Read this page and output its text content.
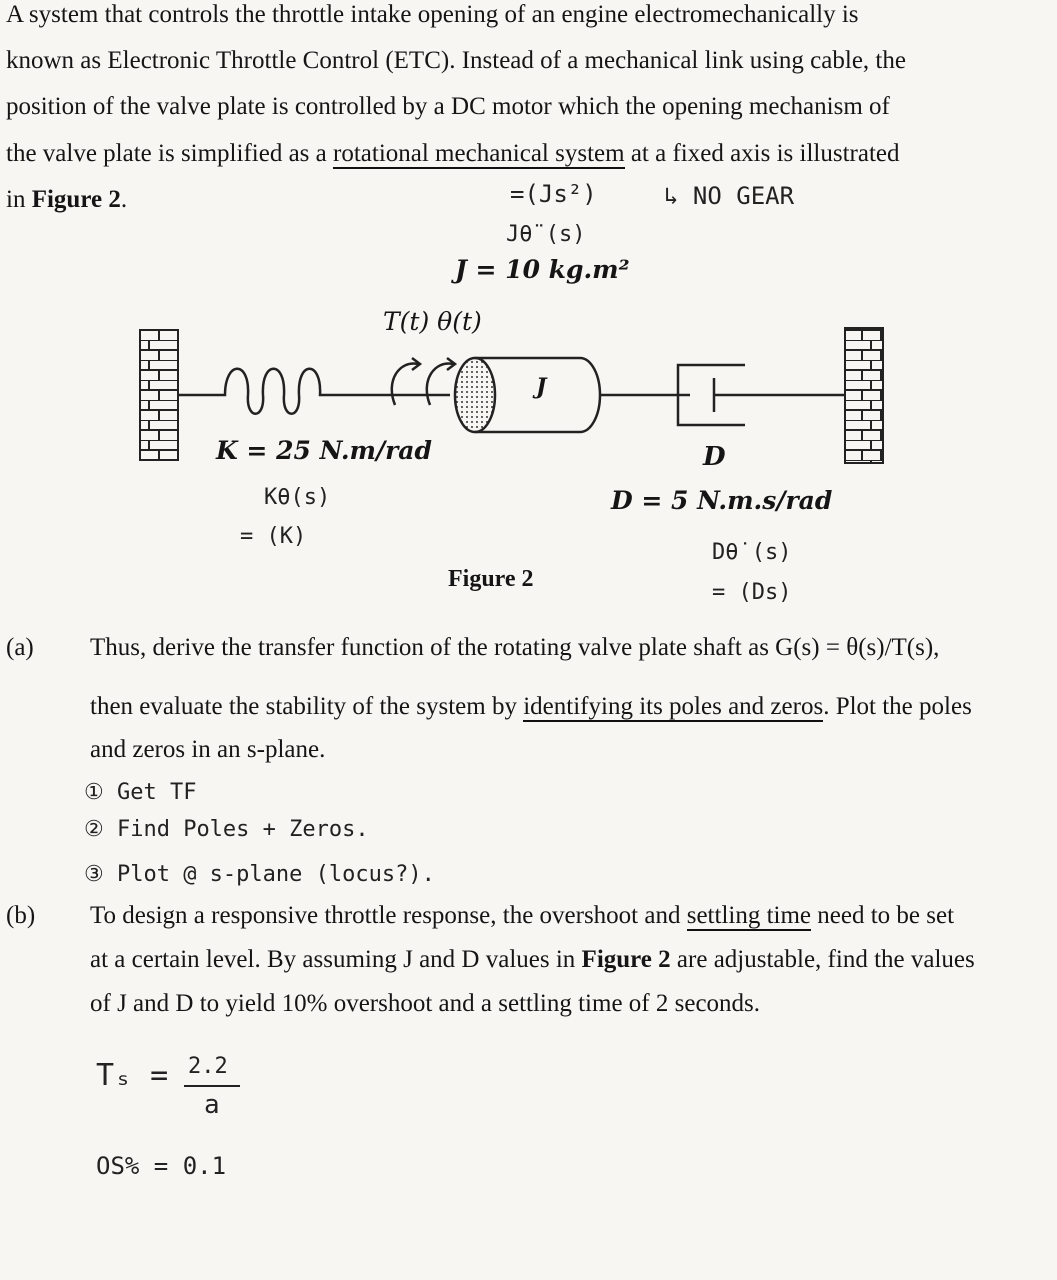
A system that controls the throttle intake opening of an engine electromechanically is
known as Electronic Throttle Control (ETC). Instead of a mechanical link using cable, the
position of the valve plate is controlled by a DC motor which the opening mechanism of
the valve plate is simplified as a rotational mechanical system at a fixed axis is illustrated
in Figure 2.	=(Js²)	↳ NO GEAR
Jθ̈ (s)
J = 10 kg.m²
T(t) θ(t)
J
K = 25 N.m/rad	D
Kθ(s)	D = 5 N.m.s/rad
= (K)
Dθ̇ (s)
Figure 2
= (Ds)
(a) Thus, derive the transfer function of the rotating valve plate shaft as G(s) = θ(s)/T(s),
then evaluate the stability of the system by identifying its poles and zeros. Plot the poles
and zeros in an s-plane.
① Get TF
② Find Poles + Zeros.
③ Plot @ s-plane (locus?).
(b) To design a responsive throttle response, the overshoot and settling time need to be set
at a certain level. By assuming J and D values in Figure 2 are adjustable, find the values
of J and D to yield 10% overshoot and a settling time of 2 seconds.
Tₛ = 2.2
a
OS% = 0.1
